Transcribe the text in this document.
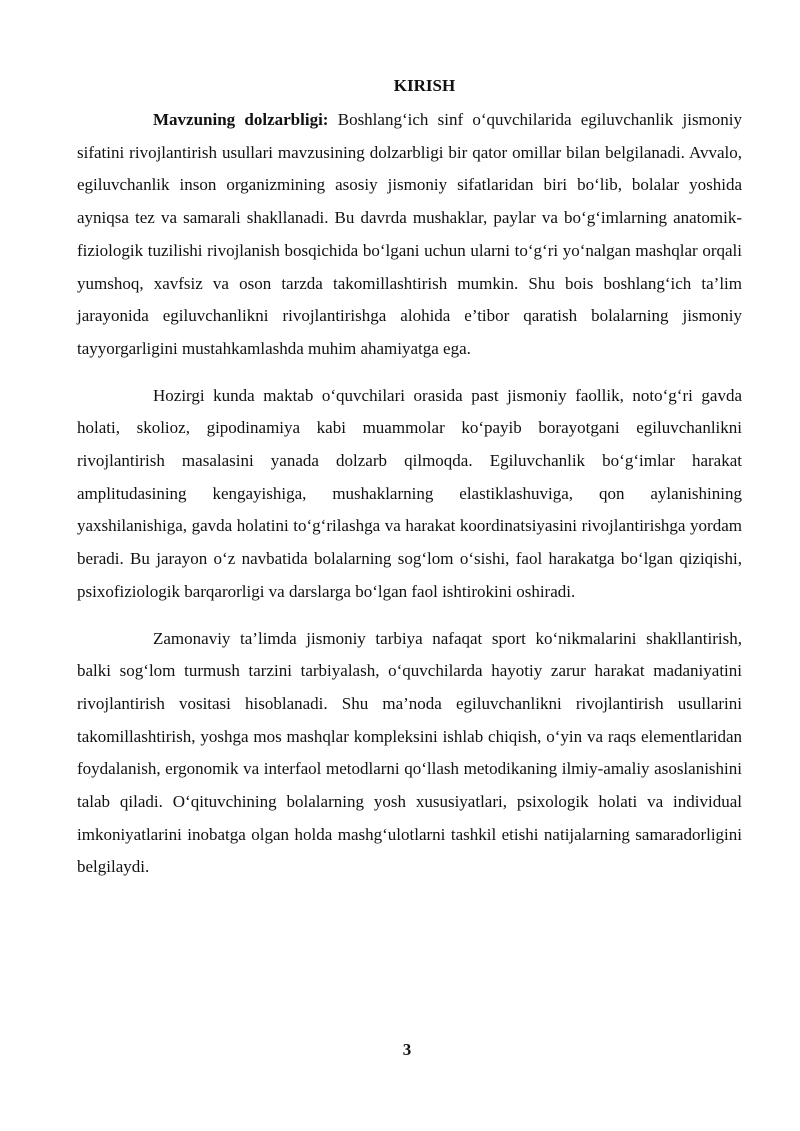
KIRISH

Mavzuning dolzarbligi: Boshlang‘ich sinf o‘quvchilarida egiluvchanlik jismoniy sifatini rivojlantirish usullari mavzusining dolzarbligi bir qator omillar bilan belgilanadi. Avvalo, egiluvchanlik inson organizmining asosiy jismoniy sifatlaridan biri bo‘lib, bolalar yoshida ayniqsa tez va samarali shakllanadi. Bu davrda mushaklar, paylar va bo‘g‘imlarning anatomik-fiziologik tuzilishi rivojlanish bosqichida bo‘lgani uchun ularni to‘g‘ri yo‘nalgan mashqlar orqali yumshoq, xavfsiz va oson tarzda takomillashtirish mumkin. Shu bois boshlang‘ich ta’lim jarayonida egiluvchanlikni rivojlantirishga alohida e’tibor qaratish bolalarning jismoniy tayyorgarligini mustahkamlashda muhim ahamiyatga ega.

Hozirgi kunda maktab o‘quvchilari orasida past jismoniy faollik, noto‘g‘ri gavda holati, skolioz, gipodinamiya kabi muammolar ko‘payib borayotgani egiluvchanlikni rivojlantirish masalasini yanada dolzarb qilmoqda. Egiluvchanlik bo‘g‘imlar harakat amplitudasining kengayishiga, mushaklarning elastiklashuviga, qon aylanishining yaxshilanishiga, gavda holatini to‘g‘rilashga va harakat koordinatsiyasini rivojlantirishga yordam beradi. Bu jarayon o‘z navbatida bolalarning sog‘lom o‘sishi, faol harakatga bo‘lgan qiziqishi, psixofiziologik barqarorligi va darslarga bo‘lgan faol ishtirokini oshiradi.

Zamonaviy ta’limda jismoniy tarbiya nafaqat sport ko‘nikmalarini shakllantirish, balki sog‘lom turmush tarzini tarbiyalash, o‘quvchilarda hayotiy zarur harakat madaniyatini rivojlantirish vositasi hisoblanadi. Shu ma’noda egiluvchanlikni rivojlantirish usullarini takomillashtirish, yoshga mos mashqlar kompleksini ishlab chiqish, o‘yin va raqs elementlaridan foydalanish, ergonomik va interfaol metodlarni qo‘llash metodikaning ilmiy-amaliy asoslanishini talab qiladi. O‘qituvchining bolalarning yosh xususiyatlari, psixologik holati va individual imkoniyatlarini inobatga olgan holda mashg‘ulotlarni tashkil etishi natijalarning samaradorligini belgilaydi.

3
